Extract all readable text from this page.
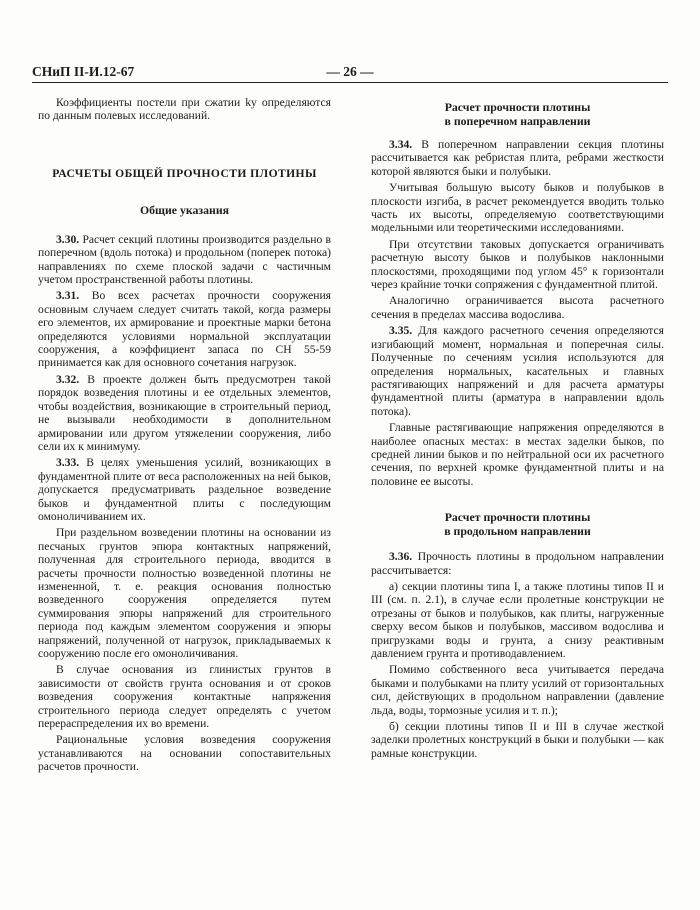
СНиП II-И.12-67	— 26 —

Коэффициенты постели при сжатии ky определяются по данным полевых исследований.

РАСЧЕТЫ ОБЩЕЙ ПРОЧНОСТИ ПЛОТИНЫ
Общие указания

3.30. Расчет секций плотины производится раздельно в поперечном (вдоль потока) и продольном (поперек потока) направлениях по схеме плоской задачи с частичным учетом пространственной работы плотины.

3.31. Во всех расчетах прочности сооружения основным случаем следует считать такой, когда размеры его элементов, их армирование и проектные марки бетона определяются условиями нормальной эксплуатации сооружения, а коэффициент запаса по СН 55-59 принимается как для основного сочетания нагрузок.

3.32. В проекте должен быть предусмотрен такой порядок возведения плотины и ее отдельных элементов, чтобы воздействия, возникающие в строительный период, не вызывали необходимости в дополнительном армировании или другом утяжелении сооружения, либо сели их к минимуму.

3.33. В целях уменьшения усилий, возникающих в фундаментной плите от веса расположенных на ней быков, допускается предусматривать раздельное возведение быков и фундаментной плиты с последующим омоноличиванием их.

При раздельном возведении плотины на основании из песчаных грунтов эпюра контактных напряжений, полученная для строительного периода, вводится в расчеты прочности полностью возведенной плотины не измененной, т. е. реакция основания полностью возведенного сооружения определяется путем суммирования эпюры напряжений для строительного периода под каждым элементом сооружения и эпюры напряжений, полученной от нагрузок, прикладываемых к сооружению после его омоноличивания.

В случае основания из глинистых грунтов в зависимости от свойств грунта основания и от сроков возведения сооружения контактные напряжения строительного периода следует определять с учетом перераспределения их во времени.

Рациональные условия возведения сооружения устанавливаются на основании сопоставительных расчетов прочности.

Расчет прочности плотины
в поперечном направлении

3.34. В поперечном направлении секция плотины рассчитывается как ребристая плита, ребрами жесткости которой являются быки и полубыки.

Учитывая большую высоту быков и полубыков в плоскости изгиба, в расчет рекомендуется вводить только часть их высоты, определяемую соответствующими модельными или теоретическими исследованиями.

При отсутствии таковых допускается ограничивать расчетную высоту быков и полубыков наклонными плоскостями, проходящими под углом 45° к горизонтали через крайние точки сопряжения с фундаментной плитой.

Аналогично ограничивается высота расчетного сечения в пределах массива водослива.

3.35. Для каждого расчетного сечения определяются изгибающий момент, нормальная и поперечная силы. Полученные по сечениям усилия используются для определения нормальных, касательных и главных растягивающих напряжений и для расчета арматуры фундаментной плиты (арматура в направлении вдоль потока).

Главные растягивающие напряжения определяются в наиболее опасных местах: в местах заделки быков, по средней линии быков и по нейтральной оси их расчетного сечения, по верхней кромке фундаментной плиты и на половине ее высоты.

Расчет прочности плотины
в продольном направлении

3.36. Прочность плотины в продольном направлении рассчитывается:

а) секции плотины типа I, а также плотины типов II и III (см. п. 2.1), в случае если пролетные конструкции не отрезаны от быков и полубыков, как плиты, нагруженные сверху весом быков и полубыков, массивом водослива и пригрузками воды и грунта, а снизу реактивным давлением грунта и противодавлением.

Помимо собственного веса учитывается передача быками и полубыками на плиту усилий от горизонтальных сил, действующих в продольном направлении (давление льда, воды, тормозные усилия и т. п.);

б) секции плотины типов II и III в случае жесткой заделки пролетных конструкций в быки и полубыки — как рамные конструкции.
